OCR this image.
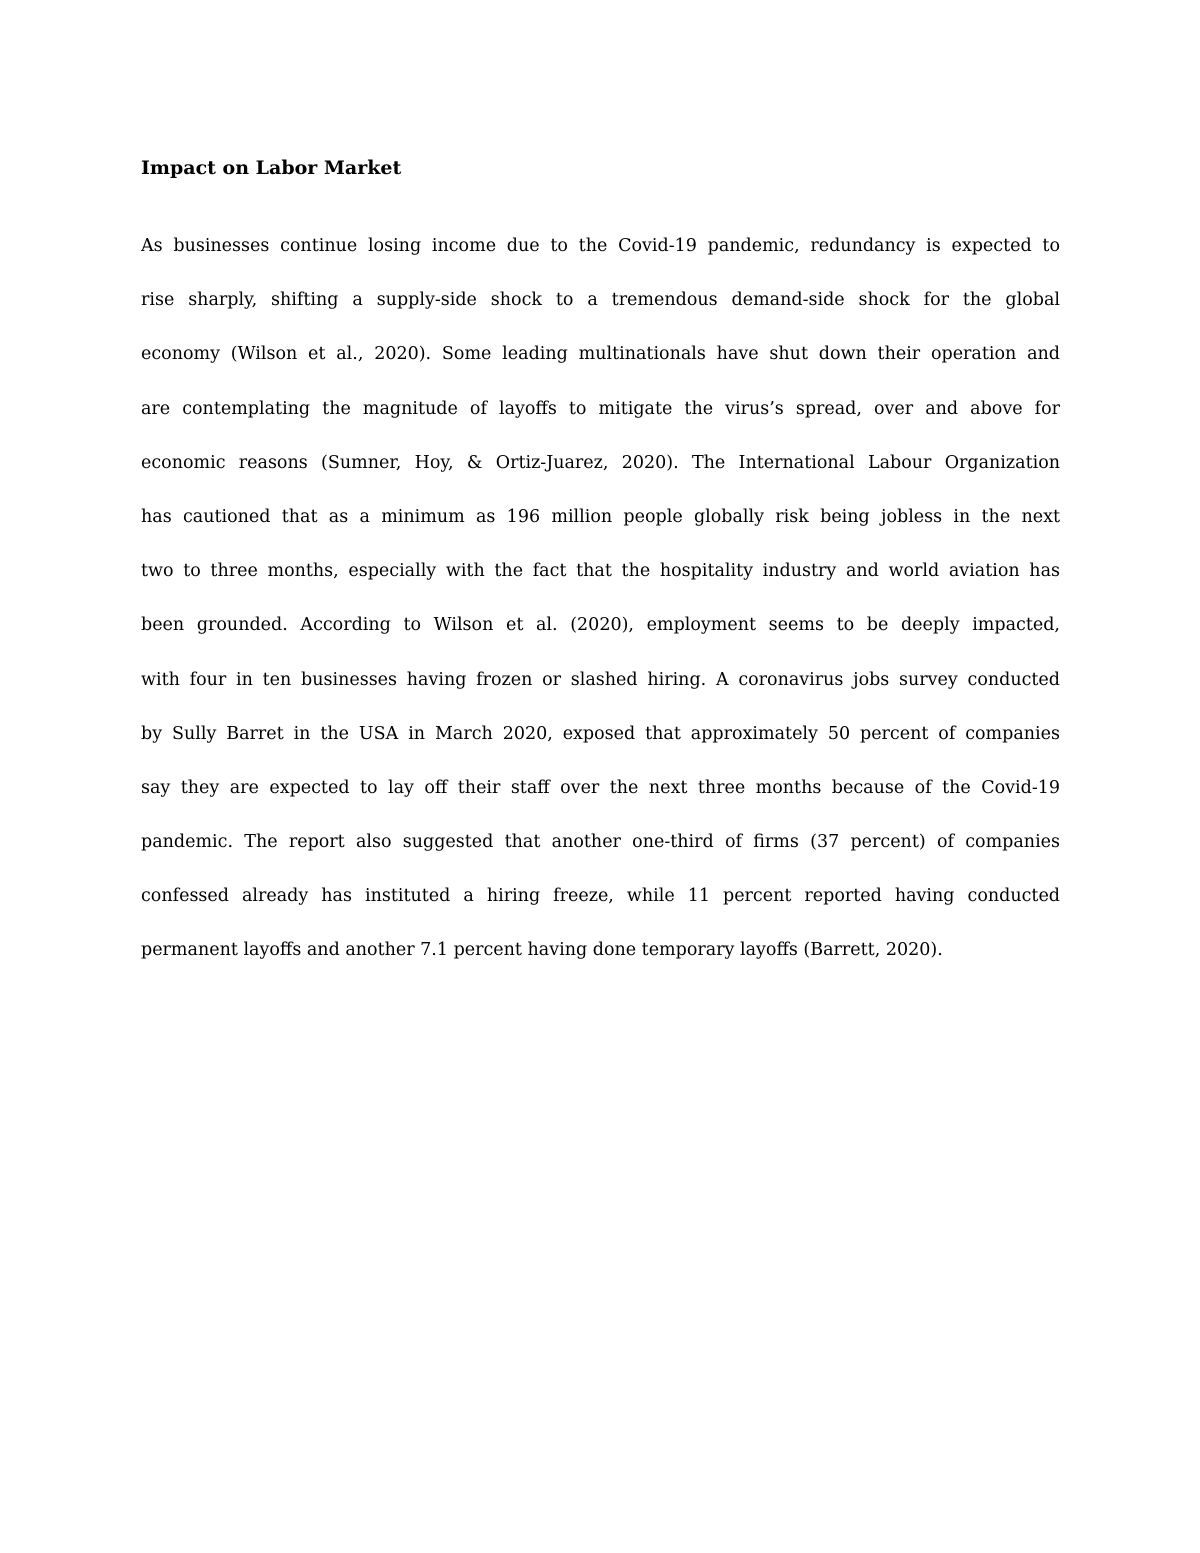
Impact on Labor Market
As businesses continue losing income due to the Covid-19 pandemic, redundancy is expected to
rise sharply, shifting a supply-side shock to a tremendous demand-side shock for the global
economy (Wilson et al., 2020). Some leading multinationals have shut down their operation and
are contemplating the magnitude of layoffs to mitigate the virus’s spread, over and above for
economic reasons (Sumner, Hoy, & Ortiz-Juarez, 2020). The International Labour Organization
has cautioned that as a minimum as 196 million people globally risk being jobless in the next
two to three months, especially with the fact that the hospitality industry and world aviation has
been grounded. According to Wilson et al. (2020), employment seems to be deeply impacted,
with four in ten businesses having frozen or slashed hiring. A coronavirus jobs survey conducted
by Sully Barret in the USA in March 2020, exposed that approximately 50 percent of companies
say they are expected to lay off their staff over the next three months because of the Covid-19
pandemic. The report also suggested that another one-third of firms (37 percent) of companies
confessed already has instituted a hiring freeze, while 11 percent reported having conducted
permanent layoffs and another 7.1 percent having done temporary layoffs (Barrett, 2020).
